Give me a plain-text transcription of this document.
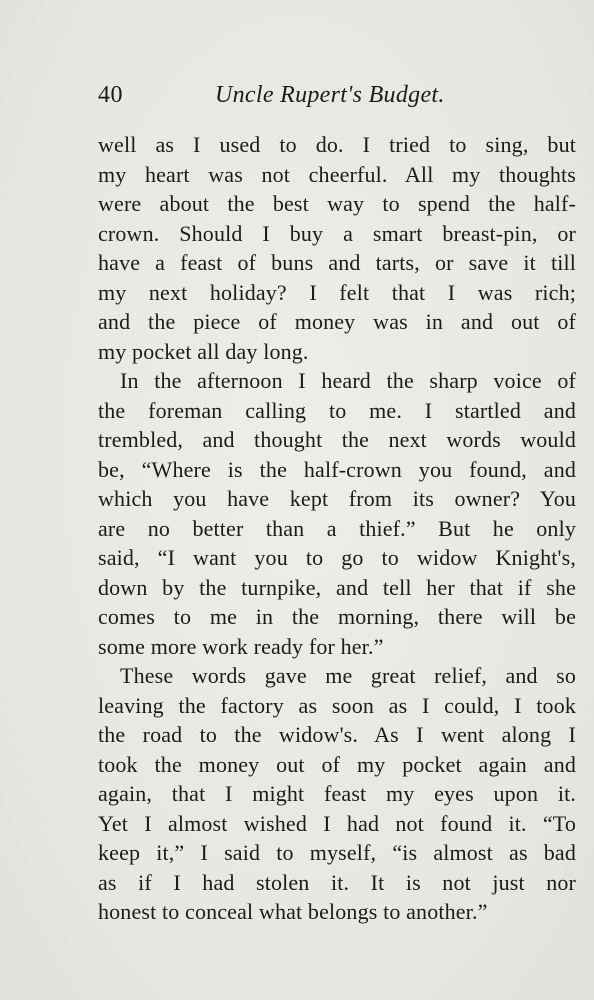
40	Uncle Rupert's Budget.
well as I used to do. I tried to sing, but
my heart was not cheerful. All my thoughts
were about the best way to spend the half-
crown. Should I buy a smart breast-pin, or
have a feast of buns and tarts, or save it till
my next holiday? I felt that I was rich;
and the piece of money was in and out of
my pocket all day long.
In the afternoon I heard the sharp voice of
the foreman calling to me. I startled and
trembled, and thought the next words would
be, “Where is the half-crown you found, and
which you have kept from its owner? You
are no better than a thief.” But he only
said, “I want you to go to widow Knight's,
down by the turnpike, and tell her that if she
comes to me in the morning, there will be
some more work ready for her.”
These words gave me great relief, and so
leaving the factory as soon as I could, I took
the road to the widow's. As I went along I
took the money out of my pocket again and
again, that I might feast my eyes upon it.
Yet I almost wished I had not found it. “To
keep it,” I said to myself, “is almost as bad
as if I had stolen it. It is not just nor
honest to conceal what belongs to another.”
